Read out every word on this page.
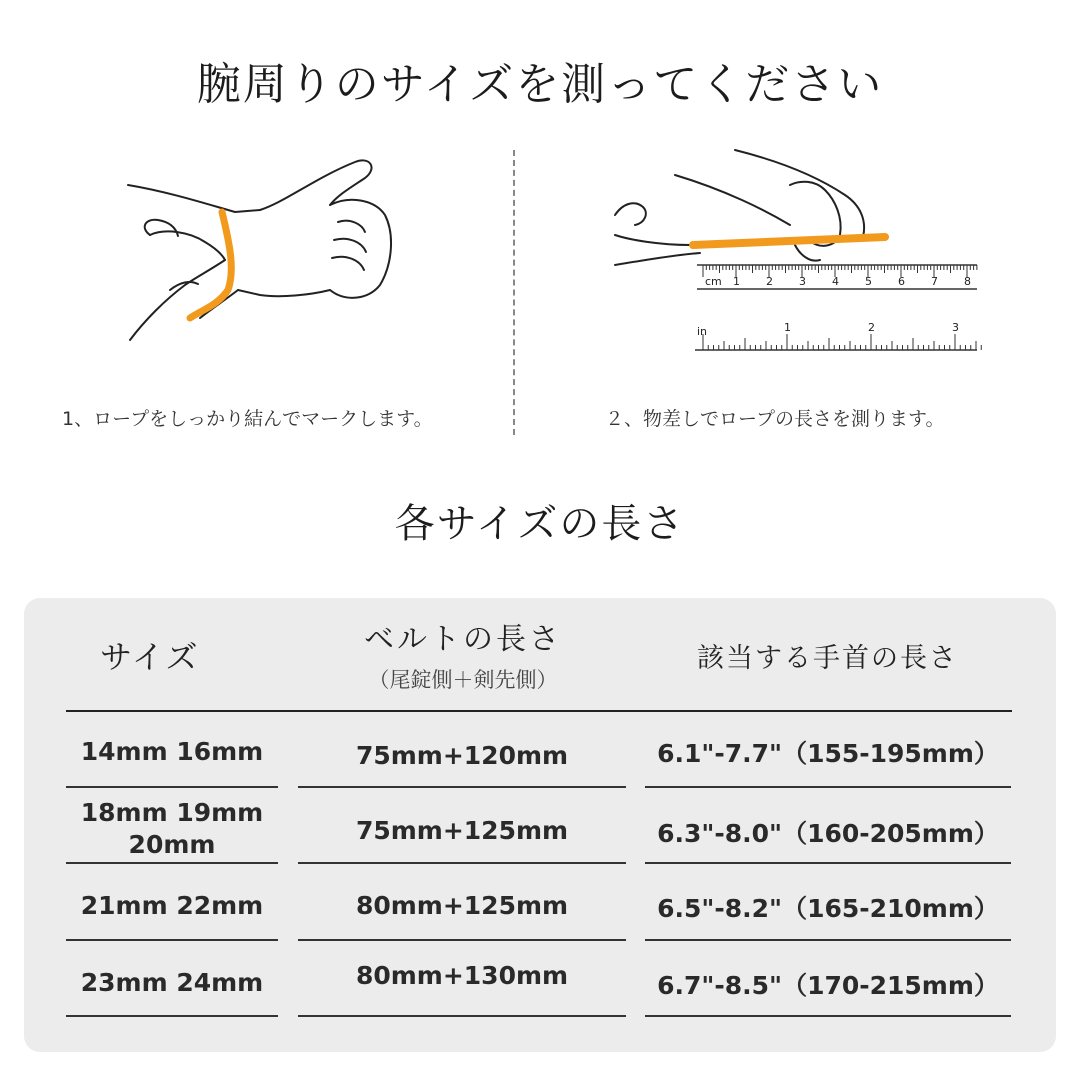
腕周りのサイズを測ってください
cm 1 2 3 4 5 6 7 8
in	1	2	3
1、ロープをしっかり結んでマークします。	２、物差しでロープの長さを測ります。
各サイズの長さ
サイズ	ベルトの長さ
（尾錠側＋剣先側）
該当する手首の長さ
14mm 16mm	75mm+120mm	6.1"-7.7"（155-195mm）
18mm 19mm
20mm	75mm+125mm	6.3"-8.0"（160-205mm）
21mm 22mm	80mm+125mm	6.5"-8.2"（165-210mm）
23mm 24mm	80mm+130mm	6.7"-8.5"（170-215mm）
